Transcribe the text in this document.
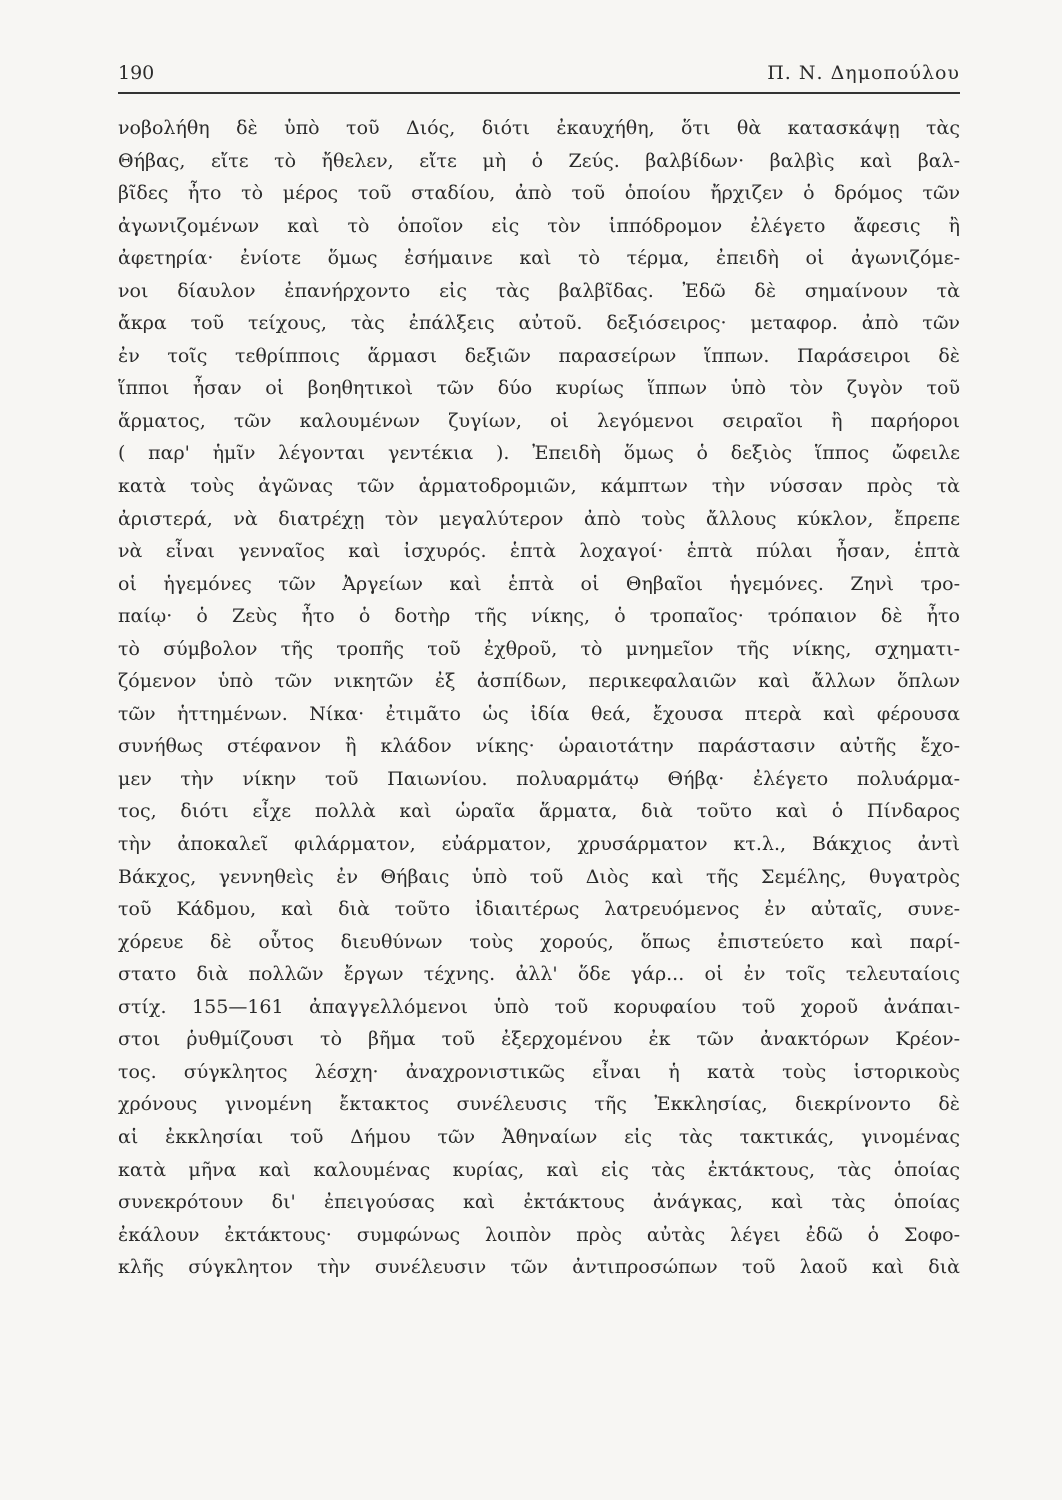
190	Π. Ν. Δημοπούλου
νοβολήθη δὲ ὑπὸ τοῦ Διός, διότι ἐκαυχήθη, ὅτι θὰ κατασκάψῃ τὰς
Θήβας, εἴτε τὸ ἤθελεν, εἴτε μὴ ὁ Ζεύς. βαλβίδων· βαλβὶς καὶ βαλ-
βῖδες ἦτο τὸ μέρος τοῦ σταδίου, ἀπὸ τοῦ ὁποίου ἤρχιζεν ὁ δρόμος τῶν
ἀγωνιζομένων καὶ τὸ ὁποῖον εἰς τὸν ἱππόδρομον ἐλέγετο ἄφεσις ἢ
ἀφετηρία· ἐνίοτε ὅμως ἐσήμαινε καὶ τὸ τέρμα, ἐπειδὴ οἱ ἀγωνιζόμε-
νοι δίαυλον ἐπανήρχοντο εἰς τὰς βαλβῖδας. Ἐδῶ δὲ σημαίνουν τὰ
ἄκρα τοῦ τείχους, τὰς ἐπάλξεις αὐτοῦ. δεξιόσειρος· μεταφορ. ἀπὸ τῶν
ἐν τοῖς τεθρίπποις ἅρμασι δεξιῶν παρασείρων ἵππων. Παράσειροι δὲ
ἵπποι ἦσαν οἱ βοηθητικοὶ τῶν δύο κυρίως ἵππων ὑπὸ τὸν ζυγὸν τοῦ
ἅρματος, τῶν καλουμένων ζυγίων, οἱ λεγόμενοι σειραῖοι ἢ παρήοροι
( παρ' ἡμῖν λέγονται γεντέκια ). Ἐπειδὴ ὅμως ὁ δεξιὸς ἵππος ὤφειλε
κατὰ τοὺς ἀγῶνας τῶν ἁρματοδρομιῶν, κάμπτων τὴν νύσσαν πρὸς τὰ
ἀριστερά, νὰ διατρέχῃ τὸν μεγαλύτερον ἀπὸ τοὺς ἄλλους κύκλον, ἔπρεπε
νὰ εἶναι γενναῖος καὶ ἰσχυρός. ἑπτὰ λοχαγοί· ἑπτὰ πύλαι ἦσαν, ἑπτὰ
οἱ ἡγεμόνες τῶν Ἀργείων καὶ ἑπτὰ οἱ Θηβαῖοι ἡγεμόνες. Ζηνὶ τρο-
παίῳ· ὁ Ζεὺς ἦτο ὁ δοτὴρ τῆς νίκης, ὁ τροπαῖος· τρόπαιον δὲ ἦτο
τὸ σύμβολον τῆς τροπῆς τοῦ ἐχθροῦ, τὸ μνημεῖον τῆς νίκης, σχηματι-
ζόμενον ὑπὸ τῶν νικητῶν ἐξ ἀσπίδων, περικεφαλαιῶν καὶ ἄλλων ὅπλων
τῶν ἡττημένων. Νίκα· ἐτιμᾶτο ὡς ἰδία θεά, ἔχουσα πτερὰ καὶ φέρουσα
συνήθως στέφανον ἢ κλάδον νίκης· ὡραιοτάτην παράστασιν αὐτῆς ἔχο-
μεν τὴν νίκην τοῦ Παιωνίου. πολυαρμάτῳ Θήβᾳ· ἐλέγετο πολυάρμα-
τος, διότι εἶχε πολλὰ καὶ ὡραῖα ἅρματα, διὰ τοῦτο καὶ ὁ Πίνδαρος
τὴν ἀποκαλεῖ φιλάρματον, εὐάρματον, χρυσάρματον κτ.λ., Βάκχιος ἀντὶ
Βάκχος, γεννηθεὶς ἐν Θήβαις ὑπὸ τοῦ Διὸς καὶ τῆς Σεμέλης, θυγατρὸς
τοῦ Κάδμου, καὶ διὰ τοῦτο ἰδιαιτέρως λατρευόμενος ἐν αὐταῖς, συνε-
χόρευε δὲ οὗτος διευθύνων τοὺς χορούς, ὅπως ἐπιστεύετο καὶ παρί-
στατο διὰ πολλῶν ἔργων τέχνης. ἀλλ' ὅδε γάρ... οἱ ἐν τοῖς τελευταίοις
στίχ. 155—161 ἀπαγγελλόμενοι ὑπὸ τοῦ κορυφαίου τοῦ χοροῦ ἀνάπαι-
στοι ῥυθμίζουσι τὸ βῆμα τοῦ ἐξερχομένου ἐκ τῶν ἀνακτόρων Κρέον-
τος. σύγκλητος λέσχη· ἀναχρονιστικῶς εἶναι ἡ κατὰ τοὺς ἱστορικοὺς
χρόνους γινομένη ἔκτακτος συνέλευσις τῆς Ἐκκλησίας, διεκρίνοντο δὲ
αἱ ἐκκλησίαι τοῦ Δήμου τῶν Ἀθηναίων εἰς τὰς τακτικάς, γινομένας
κατὰ μῆνα καὶ καλουμένας κυρίας, καὶ εἰς τὰς ἐκτάκτους, τὰς ὁποίας
συνεκρότουν δι' ἐπειγούσας καὶ ἐκτάκτους ἀνάγκας, καὶ τὰς ὁποίας
ἐκάλουν ἐκτάκτους· συμφώνως λοιπὸν πρὸς αὐτὰς λέγει ἐδῶ ὁ Σοφο-
κλῆς σύγκλητον τὴν συνέλευσιν τῶν ἀντιπροσώπων τοῦ λαοῦ καὶ διὰ
